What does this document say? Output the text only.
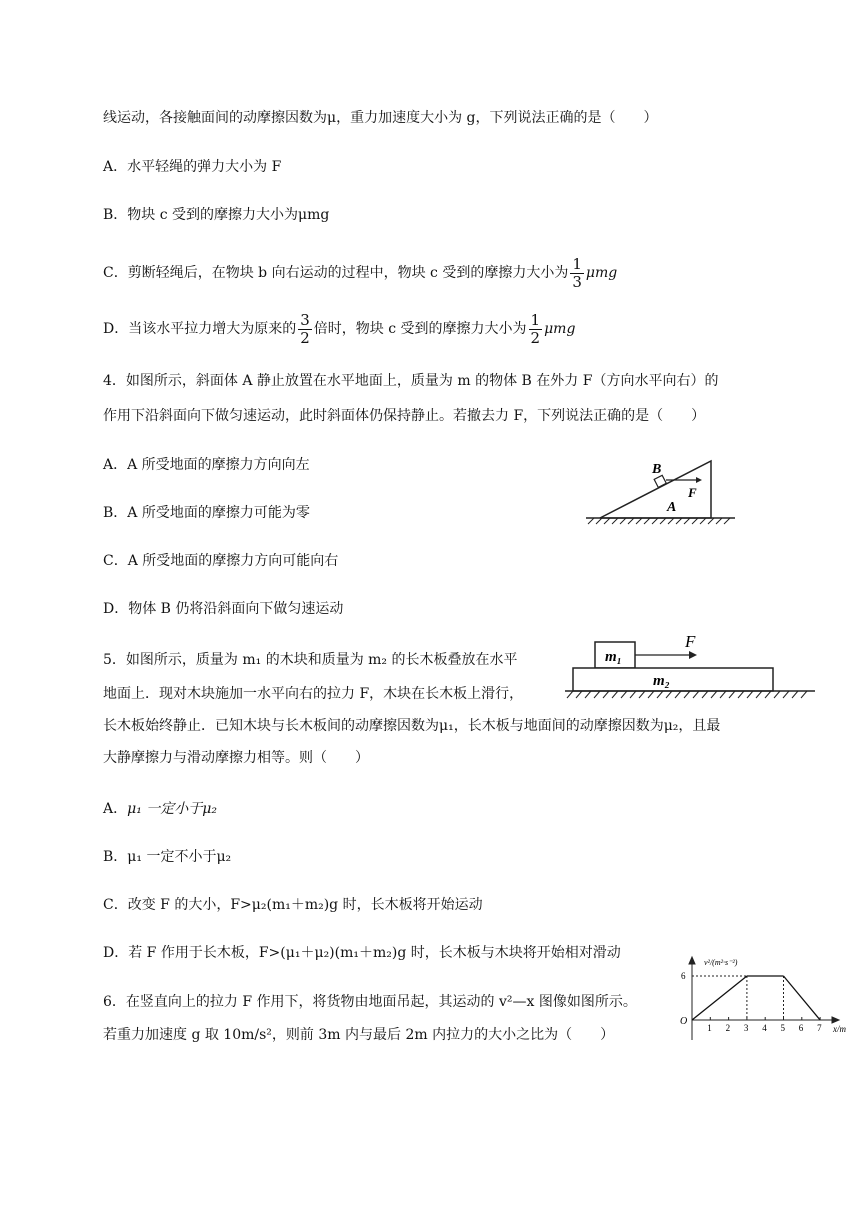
线运动，各接触面间的动摩擦因数为μ，重力加速度大小为 g，下列说法正确的是（　　）
A．水平轻绳的弹力大小为 F
B．物块 c 受到的摩擦力大小为μmg
C．剪断轻绳后，在物块 b 向右运动的过程中，物块 c 受到的摩擦力大小为 $\frac{1}{3}$ μmg
D．当该水平拉力增大为原来的 $\frac{3}{2}$ 倍时，物块 c 受到的摩擦力大小为 $\frac{1}{2}$ μmg
4．如图所示，斜面体 A 静止放置在水平地面上，质量为 m 的物体 B 在外力 F（方向水平向右）的
作用下沿斜面向下做匀速运动，此时斜面体仍保持静止。若撤去力 F，下列说法正确的是（　　）
A．A 所受地面的摩擦力方向向左
B．A 所受地面的摩擦力可能为零
C．A 所受地面的摩擦力方向可能向右
D．物体 B 仍将沿斜面向下做匀速运动
B
F
A
5．如图所示，质量为 m₁ 的木块和质量为 m₂ 的长木板叠放在水平
地面上．现对木块施加一水平向右的拉力 F，木块在长木板上滑行，
长木板始终静止．已知木块与长木板间的动摩擦因数为μ₁，长木板与地面间的动摩擦因数为μ₂，且最
大静摩擦力与滑动摩擦力相等。则（　　）
A．μ₁ 一定小于μ₂
B．μ₁ 一定不小于μ₂
C．改变 F 的大小，F>μ₂(m₁＋m₂)g 时，长木板将开始运动
D．若 F 作用于长木板，F>(μ₁＋μ₂)(m₁＋m₂)g 时，长木板与木块将开始相对滑动
F
m₁
m₂
6．在竖直向上的拉力 F 作用下，将货物由地面吊起，其运动的 v²—x 图像如图所示。
若重力加速度 g 取 10m/s²，则前 3m 内与最后 2m 内拉力的大小之比为（　　）
v²/(m²·s⁻²)
x/m
O
1 2 3 4 5 6 7
6
